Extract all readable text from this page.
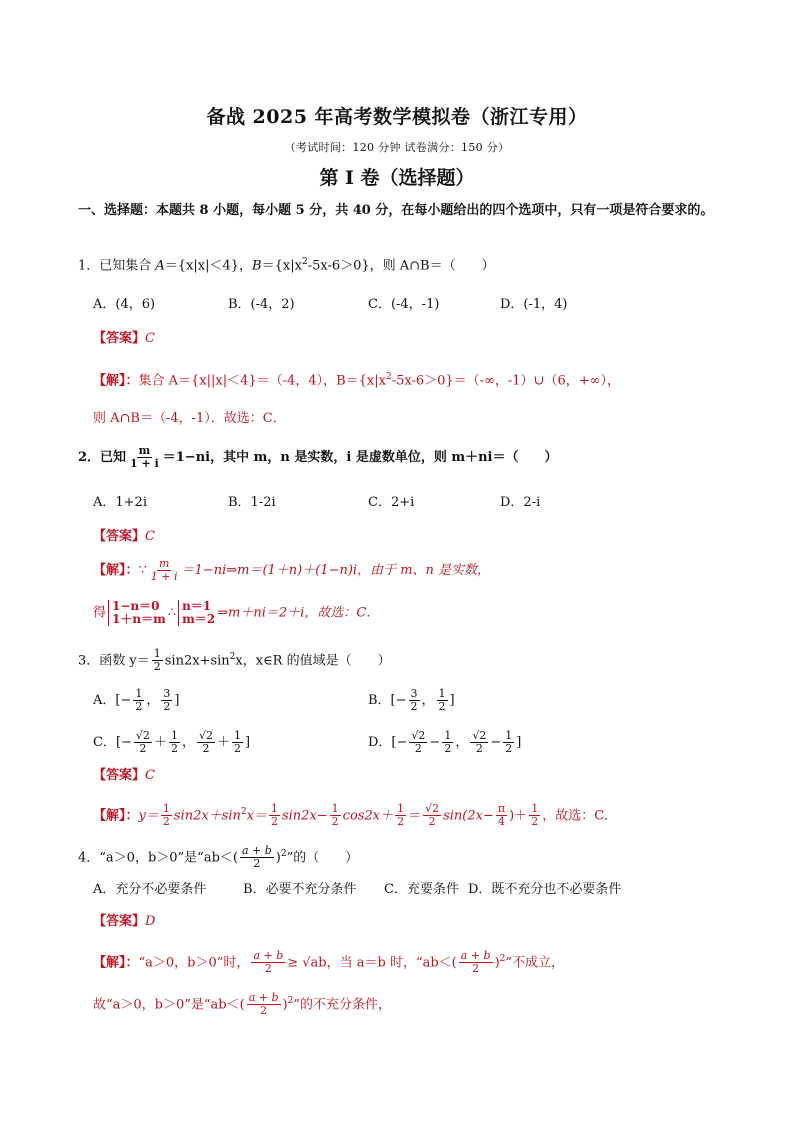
备战 2025 年高考数学模拟卷（浙江专用）
（考试时间：120 分钟 试卷满分：150 分）
第 I 卷（选择题）
一、选择题：本题共 8 小题，每小题 5 分，共 40 分，在每小题给出的四个选项中，只有一项是符合要求的。
1．已知集合 A＝{x|x|＜4}，$B=\{x|x^2-5x-6>0\}$，则 A∩B＝（　　）
A．(4，6)	B．(-4，2)	C．(-4，-1)	D．(-1，4)
【答案】C
【解】：集合 A＝{x||x|＜4}＝（-4，4），$B=\{x|x^2-5x-6>0\}=(-\infty$，-1）∪（6，+∞），
则 A∩B＝（-4，-1）．故选：C．
2．已知 $\frac{m}{1 + i} =1-ni$，其中 m，n 是实数，i 是虚数单位，则 m＋ni＝（　　）
A．1+2i	B．1-2i	C．2+i	D．2-i
【答案】C
【解】：∵ $\frac{m}{1 + i}$ ＝1−ni⇒m＝(1＋n)＋(1−n)i，由于 m、n 是实数，
得 1−n＝0
1＋n＝m ∴ n＝1
m＝2 ⇒m＋ni＝2＋i，故选：C．
3．函数 $y= \frac{1}{2} \sin 2x+\sin^2x$，x∈R 的值域是（　　）
A．[− $\frac{1}{2}$ ， $\frac{3}{2}$ ]	B．[− $\frac{3}{2}$ ， $\frac{1}{2}$ ]
C．[− $\frac{√2}{2} + \frac{1}{2}$ ， $\frac{√2}{2} + \frac{1}{2}$ ]	D．[− $\frac{√2}{2} - \frac{1}{2}$ ， $\frac{√2}{2} - \frac{1}{2}$ ]
【答案】C
【解】：$y= \frac{1}{2} \sin 2x+\sin^2x= \frac{1}{2} \sin 2x- \frac{1}{2} \cos 2x+ \frac{1}{2} = \frac{√2}{2} \sin(2x- \frac{\pi}{4}$ )＋ $\frac{1}{2}$ ，故选：C．
4．“a＞0，b＞0”是“$ab<( \frac{a + b}{2} )^2$”的（　　）
A．充分不必要条件	B．必要不充分条件 C．充要条件 D．既不充分也不必要条件
【答案】D
【解】：“a＞0，b＞0”时， $\frac{a + b}{2} \ge √ab$，当 a＝b 时，“$ab<( \frac{a + b}{2} )^2$”不成立，
故“a＞0，b＞0”是“$ab<( \frac{a + b}{2} )^2$”的不充分条件，
